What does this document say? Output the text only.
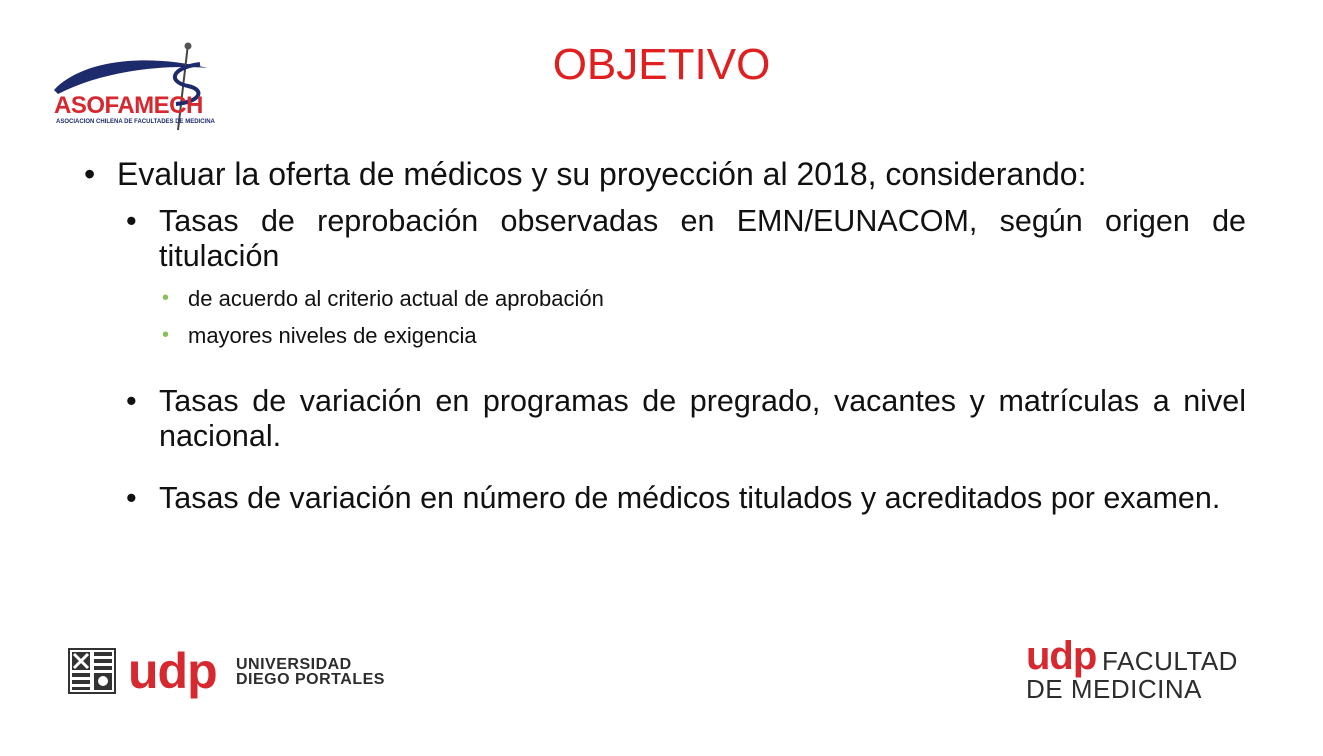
ASOFAMECH
ASOCIACION CHILENA DE FACULTADES DE MEDICINA
OBJETIVO
• Evaluar la oferta de médicos y su proyección al 2018, considerando:
• Tasas de reprobación observadas en EMN/EUNACOM, según origen de titulación
• de acuerdo al criterio actual de aprobación
• mayores niveles de exigencia
• Tasas de variación en programas de pregrado, vacantes y matrículas a nivel nacional.
• Tasas de variación en número de médicos titulados y acreditados por examen.
udp UNIVERSIDAD
DIEGO PORTALES
udp FACULTAD
DE MEDICINA
